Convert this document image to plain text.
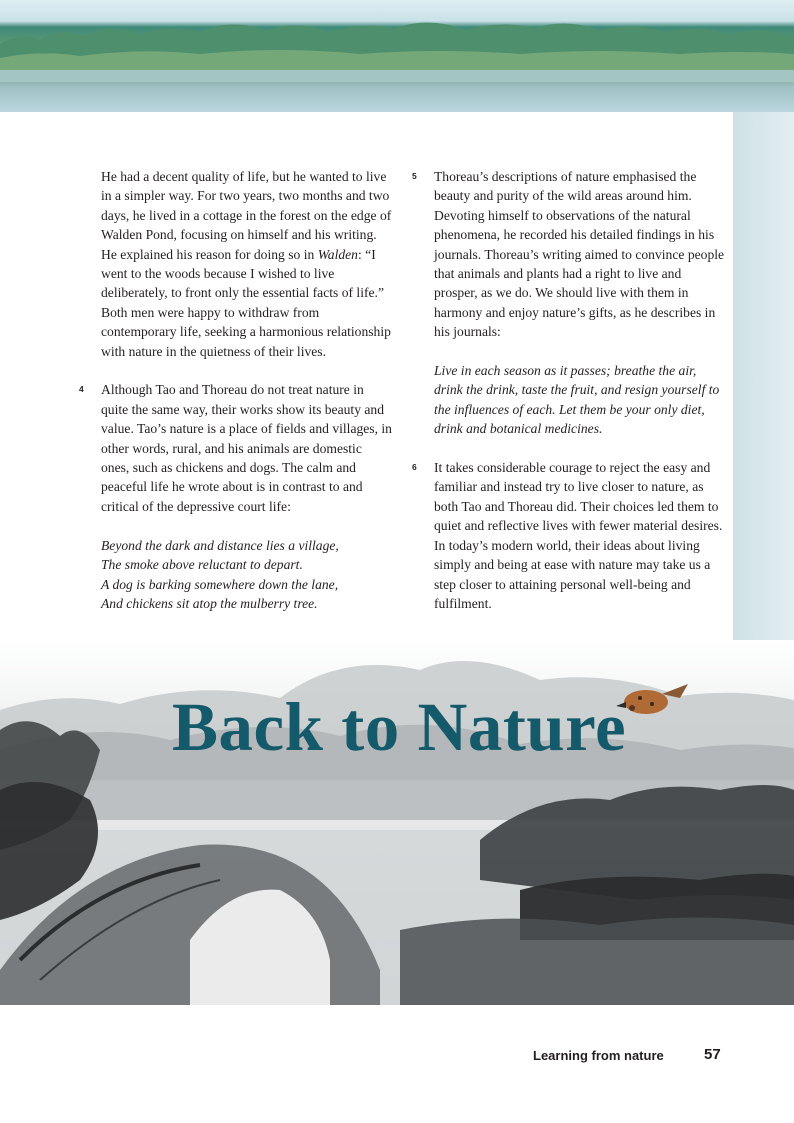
He had a decent quality of life, but he wanted to live in a simpler way. For two years, two months and two days, he lived in a cottage in the forest on the edge of Walden Pond, focusing on himself and his writing. He explained his reason for doing so in Walden: “I went to the woods because I wished to live deliberately, to front only the essential facts of life.” Both men were happy to withdraw from contemporary life, seeking a harmonious relationship with nature in the quietness of their lives.

4 Although Tao and Thoreau do not treat nature in quite the same way, their works show its beauty and value. Tao’s nature is a place of fields and villages, in other words, rural, and his animals are domestic ones, such as chickens and dogs. The calm and peaceful life he wrote about is in contrast to and critical of the depressive court life:

Beyond the dark and distance lies a village,
The smoke above reluctant to depart.
A dog is barking somewhere down the lane,
And chickens sit atop the mulberry tree.

5 Thoreau’s descriptions of nature emphasised the beauty and purity of the wild areas around him. Devoting himself to observations of the natural phenomena, he recorded his detailed findings in his journals. Thoreau’s writing aimed to convince people that animals and plants had a right to live and prosper, as we do. We should live with them in harmony and enjoy nature’s gifts, as he describes in his journals:

Live in each season as it passes; breathe the air, drink the drink, taste the fruit, and resign yourself to the influences of each. Let them be your only diet, drink and botanical medicines.

6 It takes considerable courage to reject the easy and familiar and instead try to live closer to nature, as both Tao and Thoreau did. Their choices led them to quiet and reflective lives with fewer material desires. In today’s modern world, their ideas about living simply and being at ease with nature may take us a step closer to attaining personal well-being and fulfilment.

Back to Nature
Learning from nature	57
